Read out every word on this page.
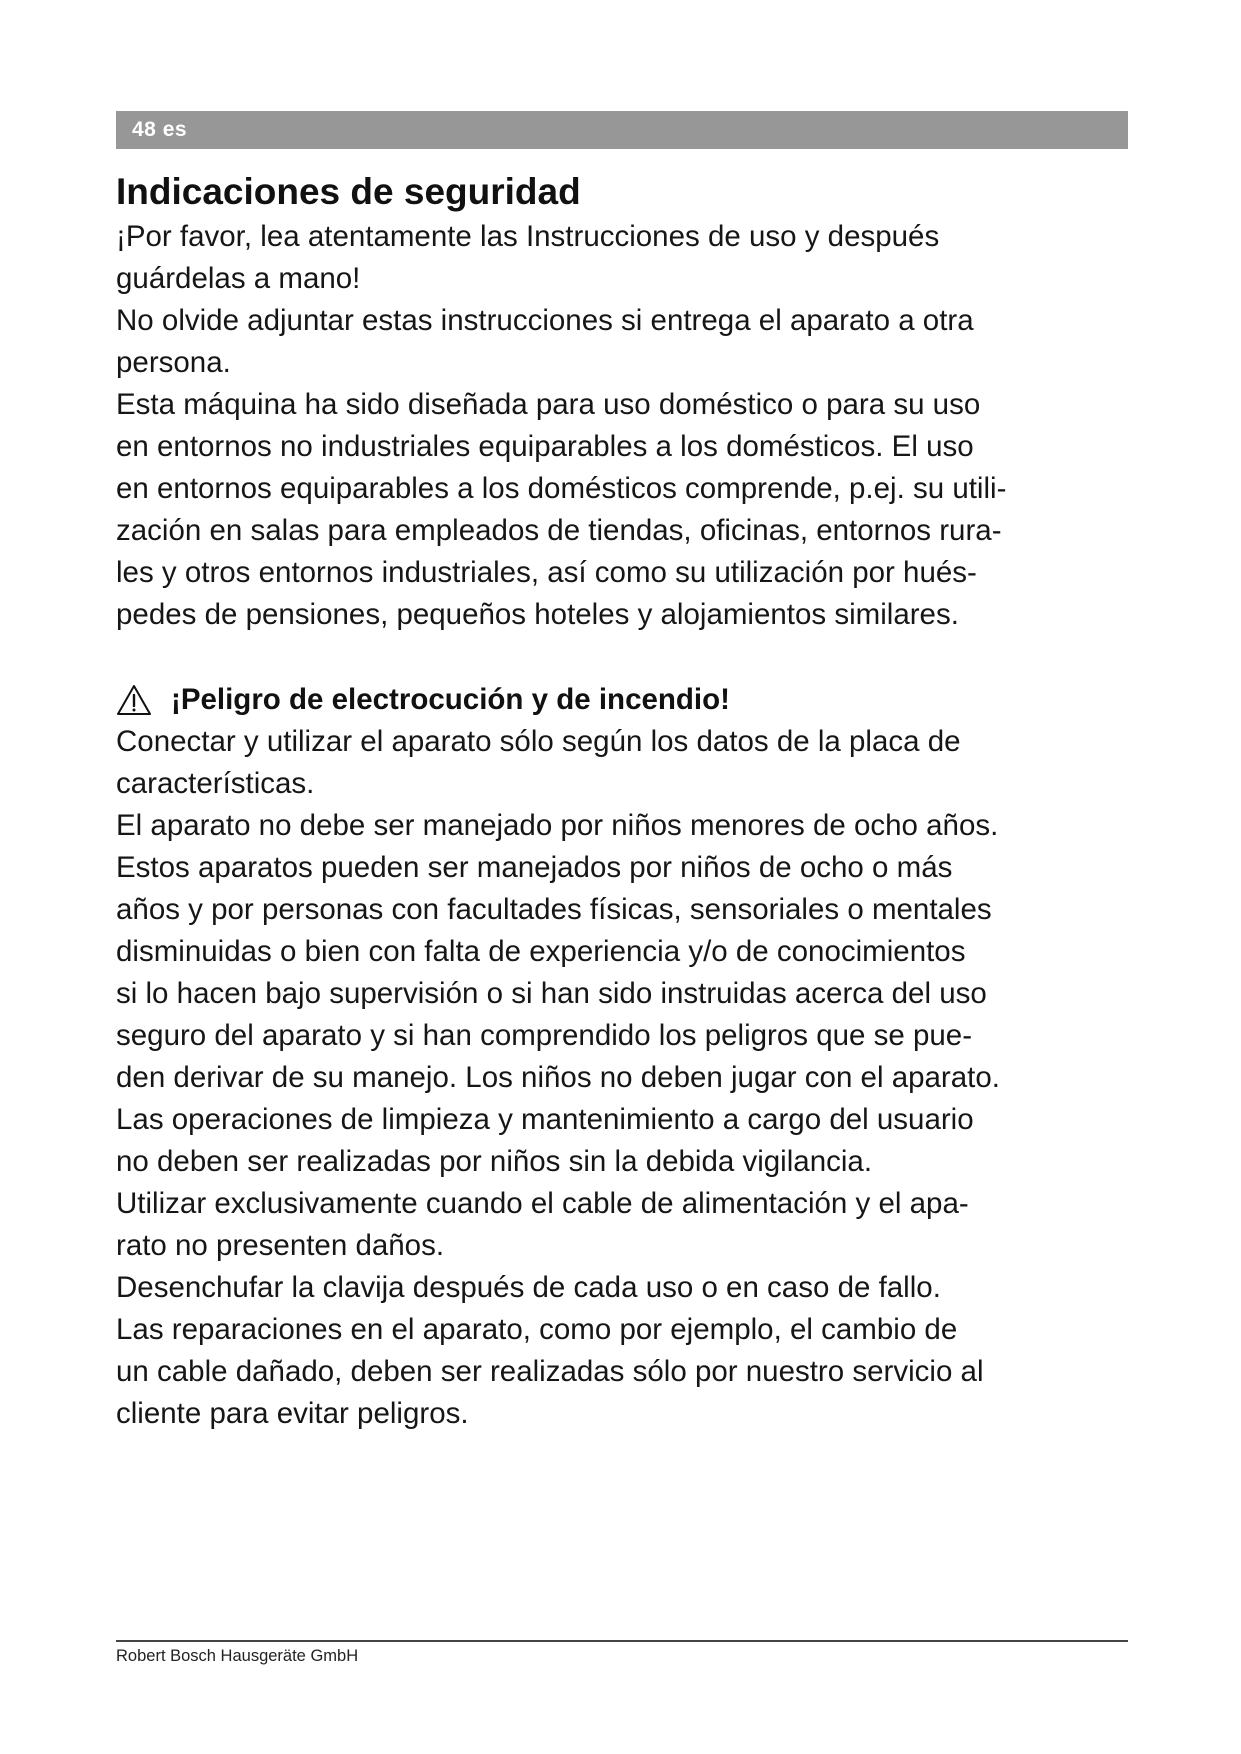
48 es
Indicaciones de seguridad

¡Por favor, lea atentamente las Instrucciones de uso y después
guárdelas a mano!

No olvide adjuntar estas instrucciones si entrega el aparato a otra
persona.

Esta máquina ha sido diseñada para uso doméstico o para su uso
en entornos no industriales equiparables a los domésticos. El uso
en entornos equiparables a los domésticos comprende, p.ej. su utili-
zación en salas para empleados de tiendas, oficinas, entornos rura-
les y otros entornos industriales, así como su utilización por hués-
pedes de pensiones, pequeños hoteles y alojamientos similares.

¡Peligro de electrocución y de incendio!

Conectar y utilizar el aparato sólo según los datos de la placa de
características.

El aparato no debe ser manejado por niños menores de ocho años.
Estos aparatos pueden ser manejados por niños de ocho o más
años y por personas con facultades físicas, sensoriales o mentales
disminuidas o bien con falta de experiencia y/o de conocimientos
si lo hacen bajo supervisión o si han sido instruidas acerca del uso
seguro del aparato y si han comprendido los peligros que se pue-
den derivar de su manejo. Los niños no deben jugar con el aparato.
Las operaciones de limpieza y mantenimiento a cargo del usuario
no deben ser realizadas por niños sin la debida vigilancia.

Utilizar exclusivamente cuando el cable de alimentación y el apa-
rato no presenten daños.

Desenchufar la clavija después de cada uso o en caso de fallo.

Las reparaciones en el aparato, como por ejemplo, el cambio de
un cable dañado, deben ser realizadas sólo por nuestro servicio al
cliente para evitar peligros.

Robert Bosch Hausgeräte GmbH
